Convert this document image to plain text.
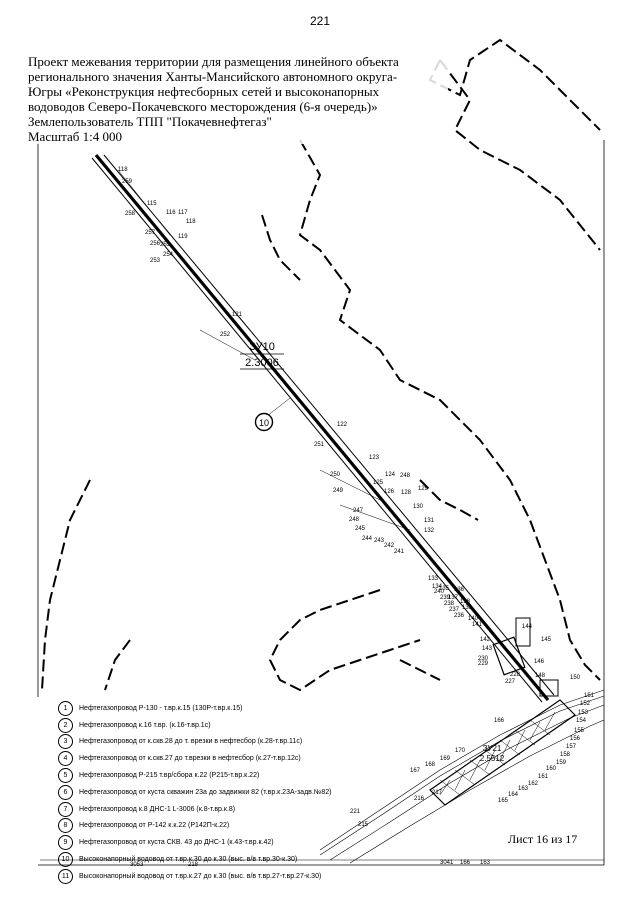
221
ЗУ10
2.3006
10
ЗУ21
2.5512
118
259
258
115
116 117
118
119
257
256 255
254
253
121
252
122
251
123
124 248
250
249
125
126 128
129
247
130
248	131
245	132
244 243
242
241
133
134
135 136
137
138
139
240
239
238
237
236 140
141	144
145
142
143
146
230
229
148	150
228
227
151
152
153
154
155
156
157
158
159
160
161
162
163
164
165
166
167
168
169
170
221
215
216
217
218
3053	3041 166 163
Проект межевания территории для размещения линейного объекта
регионального значения Ханты-Мансийского автономного округа-
Югры «Реконструкция нефтесборных сетей и высоконапорных
водоводов Северо-Покачевского месторождения (6-я очередь)»
Землепользователь ТПП "Покачевнефтегаз"
Масштаб 1:4 000
1	Нефтегазопровод Р-130 - т.вр.к.15 (130Р-т.вр.к.15)
2	Нефтегазопровод к.16 т.вр. (к.16-т.вр.1с)
3	Нефтегазопровод от к.скв.28 до т. врезки в нефтесбор (к.28-т.вр.11с)
4	Нефтегазопровод от к.скв.27 до т.врезки в нефтесбор (к.27-т.вр.12с)
5	Нефтегазопровод Р-215 т.вр/сбора к.22 (Р215-т.вр.к.22)
6	Нефтегазопровод от куста скважин 23а до задвижки 82 (т.вр.к.23А-задв.№82)
7	Нефтегазопровод к.8 ДНС-1 L-3006 (к.8-т.вр.к.8)
8	Нефтегазопровод от Р-142 к.к.22 (Р142П-к.22)
9	Нефтегазопровод от куста СКВ. 43 до ДНС-1 (к.43-т.вр.к.42)
10	Высоконапорный водовод от т.вр.к.30 до к.30 (выс. в/в т.вр.30-к.30)
11	Высоконапорный водовод от т.вр.к.27 до к.30 (выс. в/в т.вр.27-т.вр.27-к.30)
Лист 16 из 17
